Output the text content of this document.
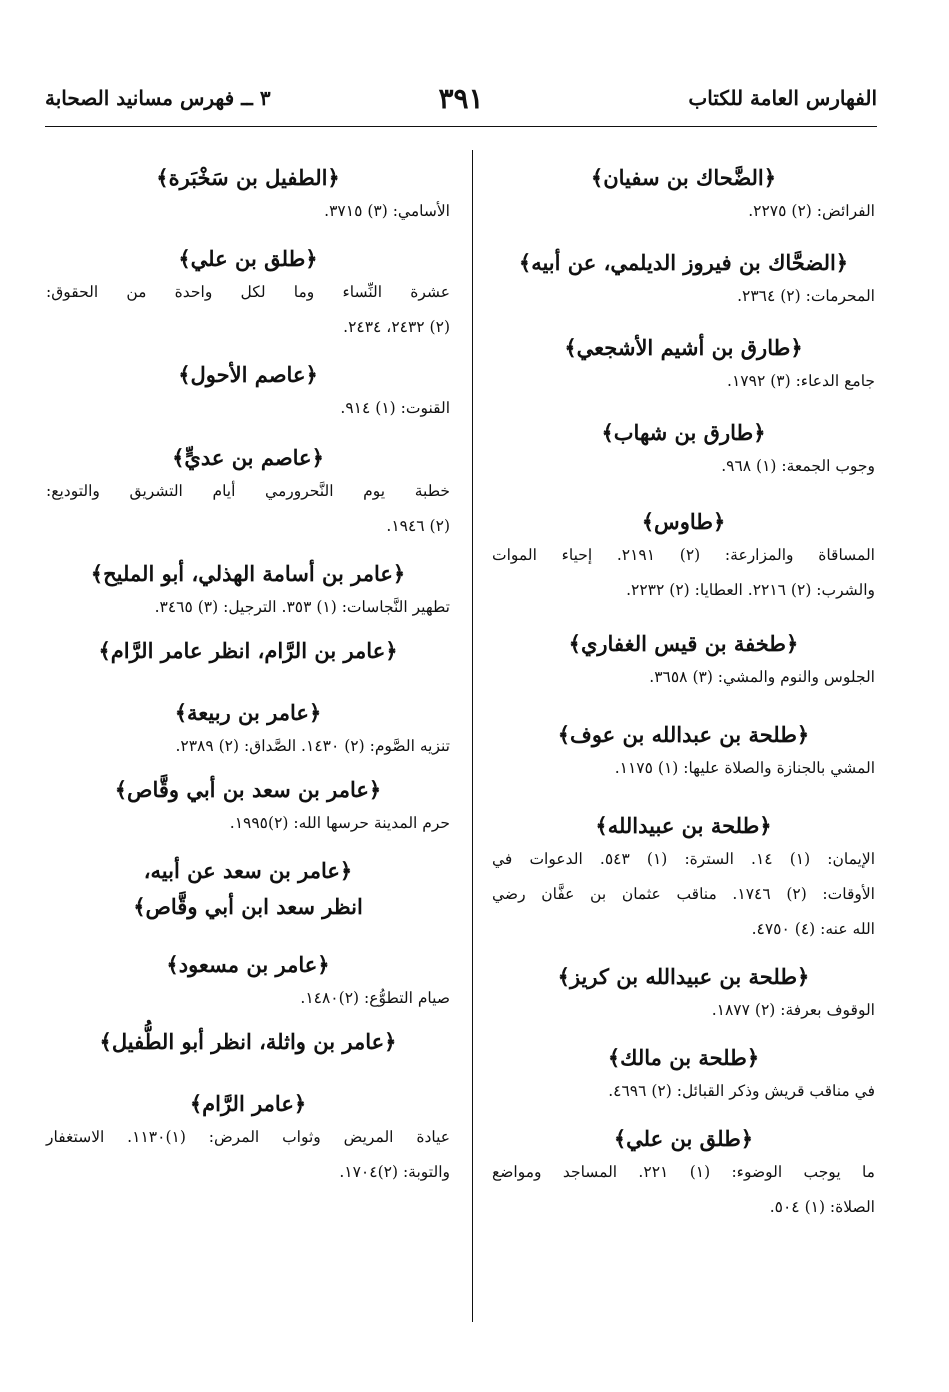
الفهارس العامة للكتاب
٣٩١
٣ ــ فهرس مسانيد الصحابة
﴿الضَّحاك بن سفيان﴾
الفرائض: (٢) ٢٢٧٥.
﴿الضحَّاك بن فيروز الديلمي، عن أبيه﴾
المحرمات: (٢) ٢٣٦٤.
﴿طارق بن أشيم الأشجعي﴾
جامع الدعاء: (٣) ١٧٩٢.
﴿طارق بن شهاب﴾
وجوب الجمعة: (١) ٩٦٨.
﴿طاوس﴾
المساقاة والمزارعة: (٢) ٢١٩١. إحياء الموات
والشرب: (٢) ٢٢١٦. العطايا: (٢) ٢٢٣٢.
﴿طخفة بن قيس الغفاري﴾
الجلوس والنوم والمشي: (٣) ٣٦٥٨.
﴿طلحة بن عبدالله بن عوف﴾
المشي بالجنازة والصلاة عليها: (١) ١١٧٥.
﴿طلحة بن عبيدالله﴾
الإيمان: (١) ١٤. السترة: (١) ٥٤٣. الدعوات في
الأوقات: (٢) ١٧٤٦. مناقب عثمان بن عفَّان رضي
الله عنه: (٤) ٤٧٥٠.
﴿طلحة بن عبيدالله بن كريز﴾
الوقوف بعرفة: (٢) ١٨٧٧.
﴿طلحة بن مالك﴾
في مناقب قريش وذكر القبائل: (٢) ٤٦٩٦.
﴿طلق بن علي﴾
ما يوجب الوضوء: (١) ٢٢١. المساجد ومواضع
الصلاة: (١) ٥٠٤.
﴿الطفيل بن سَخْبَرة﴾
الأسامي: (٣) ٣٧١٥.
﴿طلق بن علي﴾
عشرة النِّساء وما لكل واحدة من الحقوق:
(٢) ٢٤٣٢، ٢٤٣٤.
﴿عاصم الأحول﴾
القنوت: (١) ٩١٤.
﴿عاصم بن عديٍّ﴾
خطبة يوم النَّحرورمي أيام التشريق والتوديع:
(٢) ١٩٤٦.
﴿عامر بن أسامة الهذلي، أبو المليح﴾
تطهير النَّجاسات: (١) ٣٥٣. الترجيل: (٣) ٣٤٦٥.
﴿عامر بن الرَّام، انظر عامر الرَّام﴾
﴿عامر بن ربيعة﴾
تنزيه الصَّوم: (٢) ١٤٣٠. الصَّداق: (٢) ٢٣٨٩.
﴿عامر بن سعد بن أبي وقَّاص﴾
حرم المدينة حرسها الله: (٢)١٩٩٥.
﴿عامر بن سعد عن أبيه،
انظر سعد ابن أبي وقَّاص﴾
﴿عامر بن مسعود﴾
صيام التطوُّع: (٢)١٤٨٠.
﴿عامر بن واثلة، انظر أبو الطُّفيل﴾
﴿عامر الرَّام﴾
عيادة المريض وثواب المرض: (١)١١٣٠. الاستغفار
والتوبة: (٢)١٧٠٤.
